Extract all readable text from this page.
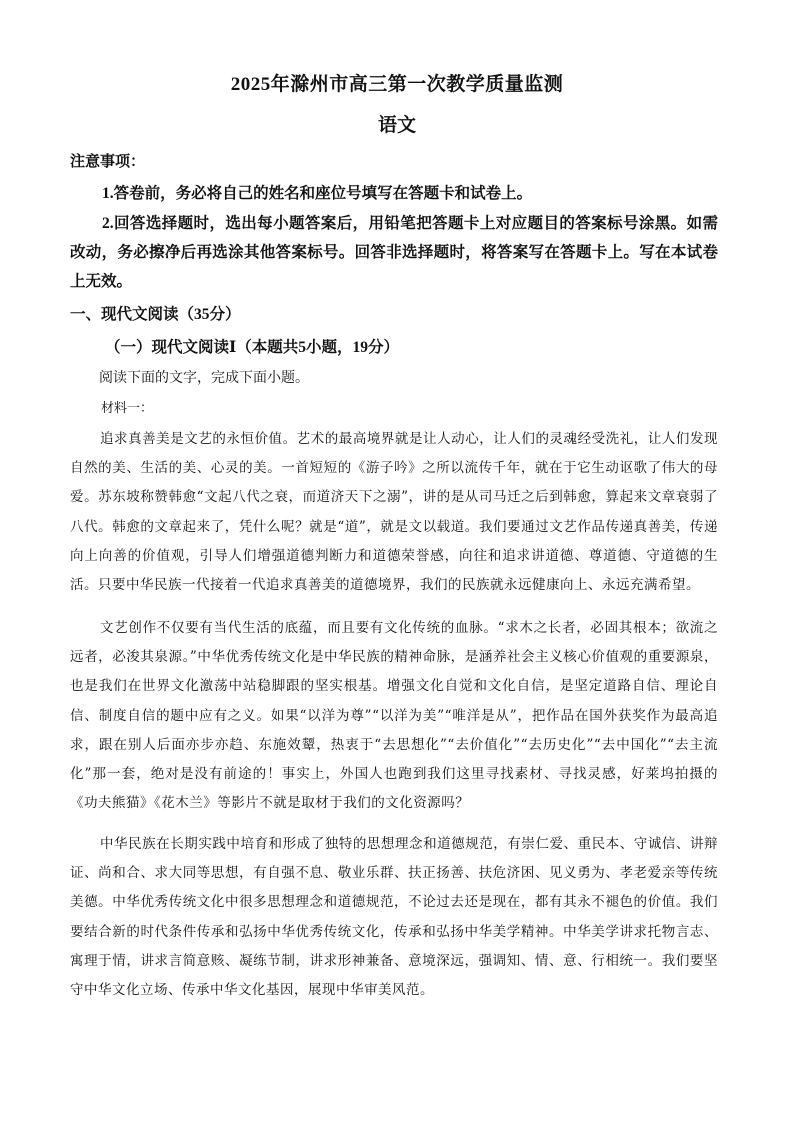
2025年滁州市高三第一次教学质量监测
语文
注意事项：
1.答卷前，务必将自己的姓名和座位号填写在答题卡和试卷上。
2.回答选择题时，选出每小题答案后，用铅笔把答题卡上对应题目的答案标号涂黑。如需改动，务必擦净后再选涂其他答案标号。回答非选择题时，将答案写在答题卡上。写在本试卷上无效。
一、现代文阅读（35分）
（一）现代文阅读Ⅰ（本题共5小题，19分）
阅读下面的文字，完成下面小题。
材料一：
追求真善美是文艺的永恒价值。艺术的最高境界就是让人动心，让人们的灵魂经受洗礼，让人们发现自然的美、生活的美、心灵的美。一首短短的《游子吟》之所以流传千年，就在于它生动讴歌了伟大的母爱。苏东坡称赞韩愈“文起八代之衰，而道济天下之溺”，讲的是从司马迁之后到韩愈，算起来文章衰弱了八代。韩愈的文章起来了，凭什么呢？就是“道”，就是文以载道。我们要通过文艺作品传递真善美，传递向上向善的价值观，引导人们增强道德判断力和道德荣誉感，向往和追求讲道德、尊道德、守道德的生活。只要中华民族一代接着一代追求真善美的道德境界，我们的民族就永远健康向上、永远充满希望。
文艺创作不仅要有当代生活的底蕴，而且要有文化传统的血脉。“求木之长者，必固其根本；欲流之远者，必浚其泉源。”中华优秀传统文化是中华民族的精神命脉，是涵养社会主义核心价值观的重要源泉，也是我们在世界文化激荡中站稳脚跟的坚实根基。增强文化自觉和文化自信，是坚定道路自信、理论自信、制度自信的题中应有之义。如果“以洋为尊”“以洋为美”“唯洋是从”，把作品在国外获奖作为最高追求，跟在别人后面亦步亦趋、东施效颦，热衷于“去思想化”“去价值化”“去历史化”“去中国化”“去主流化”那一套，绝对是没有前途的！事实上，外国人也跑到我们这里寻找素材、寻找灵感，好莱坞拍摄的《功夫熊猫》《花木兰》等影片不就是取材于我们的文化资源吗？
中华民族在长期实践中培育和形成了独特的思想理念和道德规范，有崇仁爱、重民本、守诚信、讲辩证、尚和合、求大同等思想，有自强不息、敬业乐群、扶正扬善、扶危济困、见义勇为、孝老爱亲等传统美德。中华优秀传统文化中很多思想理念和道德规范，不论过去还是现在，都有其永不褪色的价值。我们要结合新的时代条件传承和弘扬中华优秀传统文化，传承和弘扬中华美学精神。中华美学讲求托物言志、寓理于情，讲求言简意赅、凝练节制，讲求形神兼备、意境深远，强调知、情、意、行相统一。我们要坚守中华文化立场、传承中华文化基因，展现中华审美风范。
